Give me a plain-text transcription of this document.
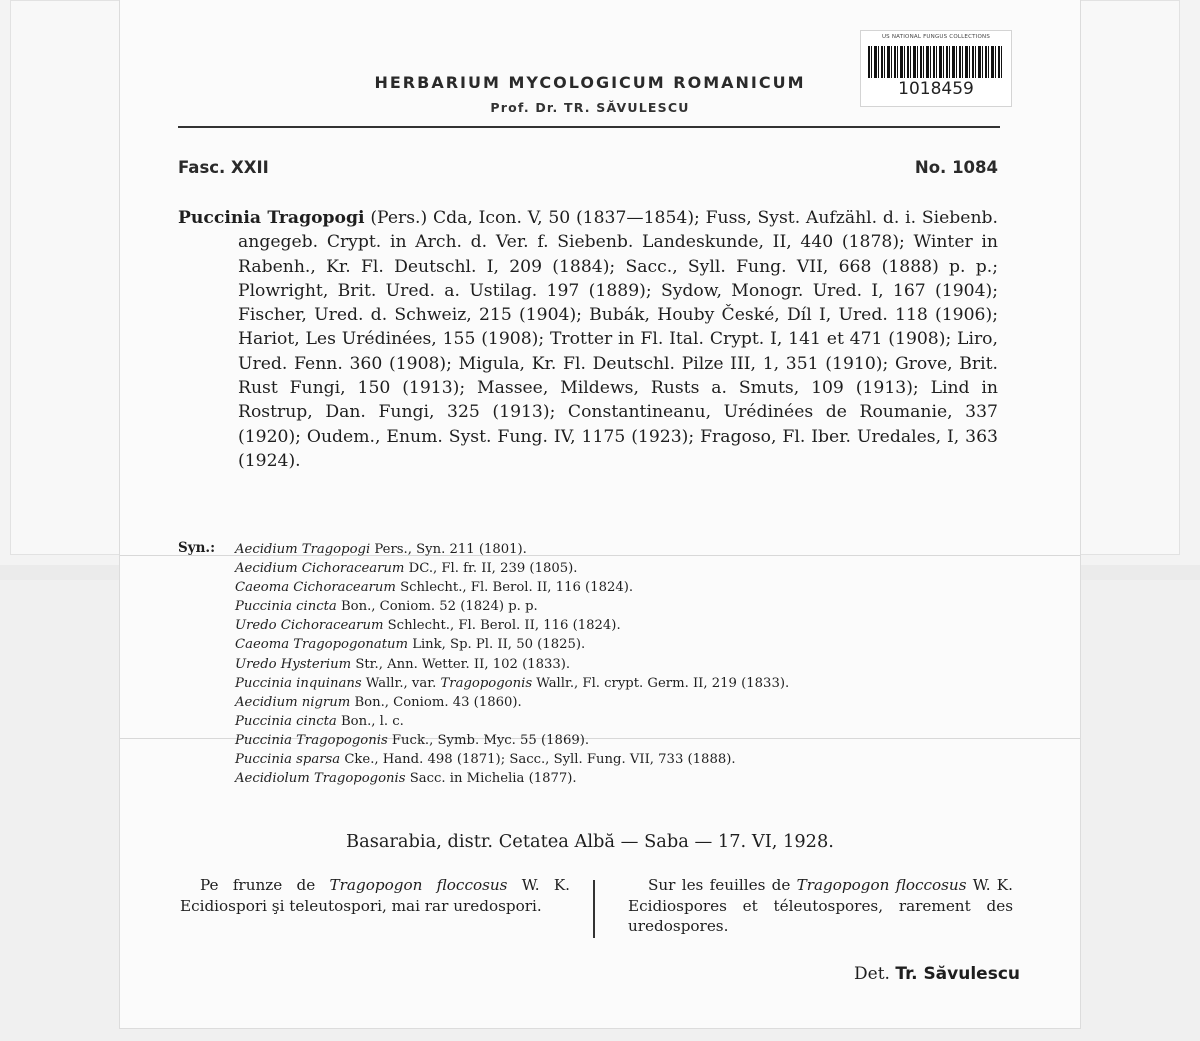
US NATIONAL FUNGUS COLLECTIONS
1018459
HERBARIUM MYCOLOGICUM ROMANICUM
Prof. Dr. TR. SĂVULESCU
Fasc. XXII	No. 1084

Puccinia Tragopogi (Pers.) Cda, Icon. V, 50 (1837—1854); Fuss, Syst. Aufzähl. d. i. Siebenb. angegeb. Crypt. in Arch. d. Ver. f. Siebenb. Landeskunde, II, 440 (1878); Winter in Rabenh., Kr. Fl. Deutschl. I, 209 (1884); Sacc., Syll. Fung. VII, 668 (1888) p. p.; Plowright, Brit. Ured. a. Ustilag. 197 (1889); Sydow, Monogr. Ured. I, 167 (1904); Fischer, Ured. d. Schweiz, 215 (1904); Bubák, Houby České, Díl I, Ured. 118 (1906); Hariot, Les Urédinées, 155 (1908); Trotter in Fl. Ital. Crypt. I, 141 et 471 (1908); Liro, Ured. Fenn. 360 (1908); Migula, Kr. Fl. Deutschl. Pilze III, 1, 351 (1910); Grove, Brit. Rust Fungi, 150 (1913); Massee, Mildews, Rusts a. Smuts, 109 (1913); Lind in Rostrup, Dan. Fungi, 325 (1913); Constantineanu, Urédinées de Roumanie, 337 (1920); Oudem., Enum. Syst. Fung. IV, 1175 (1923); Fragoso, Fl. Iber. Uredales, I, 363 (1924).

Syn.: Aecidium Tragopogi Pers., Syn. 211 (1801).
Aecidium Cichoracearum DC., Fl. fr. II, 239 (1805).
Caeoma Cichoracearum Schlecht., Fl. Berol. II, 116 (1824).
Puccinia cincta Bon., Coniom. 52 (1824) p. p.
Uredo Cichoracearum Schlecht., Fl. Berol. II, 116 (1824).
Caeoma Tragopogonatum Link, Sp. Pl. II, 50 (1825).
Uredo Hysterium Str., Ann. Wetter. II, 102 (1833).
Puccinia inquinans Wallr., var. Tragopogonis Wallr., Fl. crypt. Germ. II, 219 (1833).
Aecidium nigrum Bon., Coniom. 43 (1860).
Puccinia cincta Bon., l. c.
Puccinia Tragopogonis Fuck., Symb. Myc. 55 (1869).
Puccinia sparsa Cke., Hand. 498 (1871); Sacc., Syll. Fung. VII, 733 (1888).
Aecidiolum Tragopogonis Sacc. in Michelia (1877).
Basarabia, distr. Cetatea Albă — Saba — 17. VI, 1928.
Pe frunze de Tragopogon floccosus W. K. Ecidiospori şi teleutospori, mai rar uredospori.
Sur les feuilles de Tragopogon floccosus W. K. Ecidiospores et téleutospores, rarement des uredospores.
Det. Tr. Săvulescu
